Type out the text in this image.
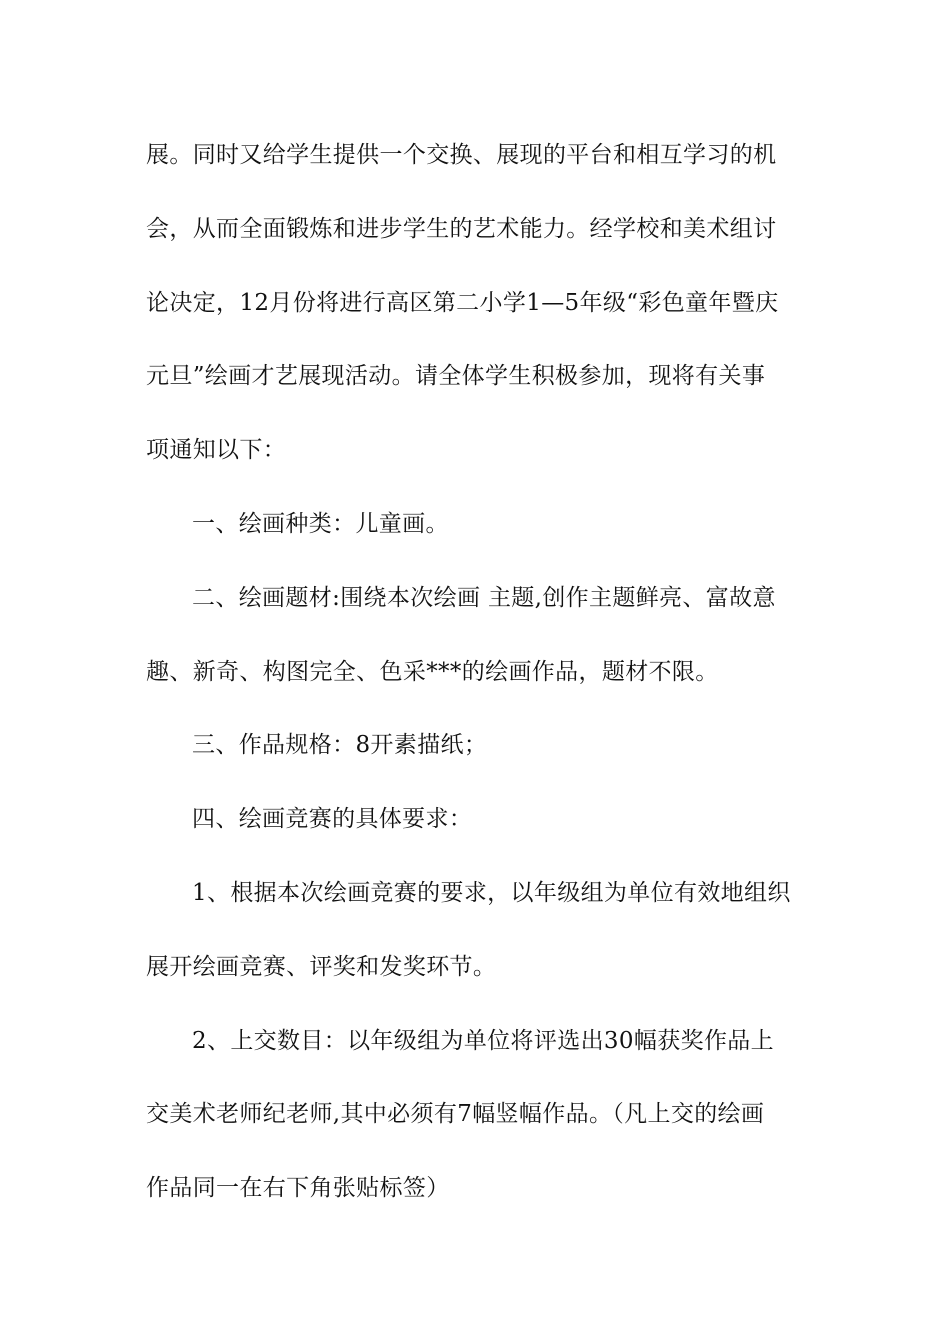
展。同时又给学生提供一个交换、展现的平台和相互学习的机
会，从而全面锻炼和进步学生的艺术能力。经学校和美术组讨
论决定，12月份将进行高区第二小学1—5年级“彩色童年暨庆
元旦”绘画才艺展现活动。请全体学生积极参加，现将有关事
项通知以下：
一、绘画种类：儿童画。
二、绘画题材:围绕本次绘画 主题,创作主题鲜亮、富故意
趣、新奇、构图完全、色采***的绘画作品，题材不限。
三、作品规格：8开素描纸；
四、绘画竞赛的具体要求：
1、根据本次绘画竞赛的要求，以年级组为单位有效地组织
展开绘画竞赛、评奖和发奖环节。
2、上交数目：以年级组为单位将评选出30幅获奖作品上
交美术老师纪老师,其中必须有7幅竖幅作品。（凡上交的绘画
作品同一在右下角张贴标签）
